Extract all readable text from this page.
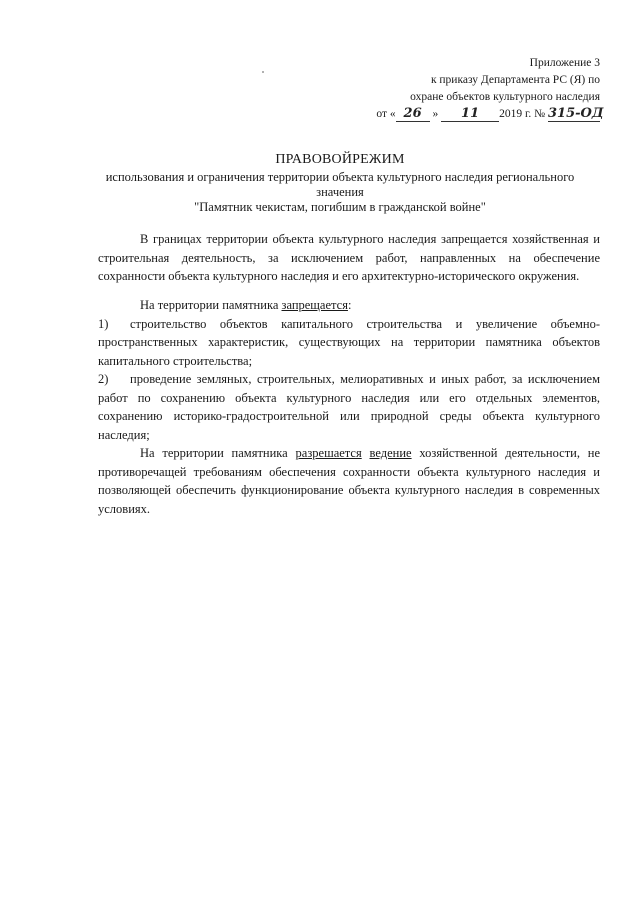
Приложение 3
к приказу Департамента РС (Я) по
охране объектов культурного наследия
от « 26 » 11 2019 г. № 315-ОД
ПРАВОВОЙРЕЖИМ
использования и ограничения территории объекта культурного наследия регионального
значения
"Памятник чекистам, погибшим в гражданской войне"
В границах территории объекта культурного наследия запрещается хозяйственная и строительная деятельность, за исключением работ, направленных на обеспечение сохранности объекта культурного наследия и его архитектурно-исторического окружения.
На территории памятника запрещается:
1) строительство объектов капитального строительства и увеличение объемно-пространственных характеристик, существующих на территории памятника объектов капитального строительства;
2) проведение земляных, строительных, мелиоративных и иных работ, за исключением работ по сохранению объекта культурного наследия или его отдельных элементов, сохранению историко-градостроительной или природной среды объекта культурного наследия;
На территории памятника разрешается ведение хозяйственной деятельности, не противоречащей требованиям обеспечения сохранности объекта культурного наследия и позволяющей обеспечить функционирование объекта культурного наследия в современных условиях.
